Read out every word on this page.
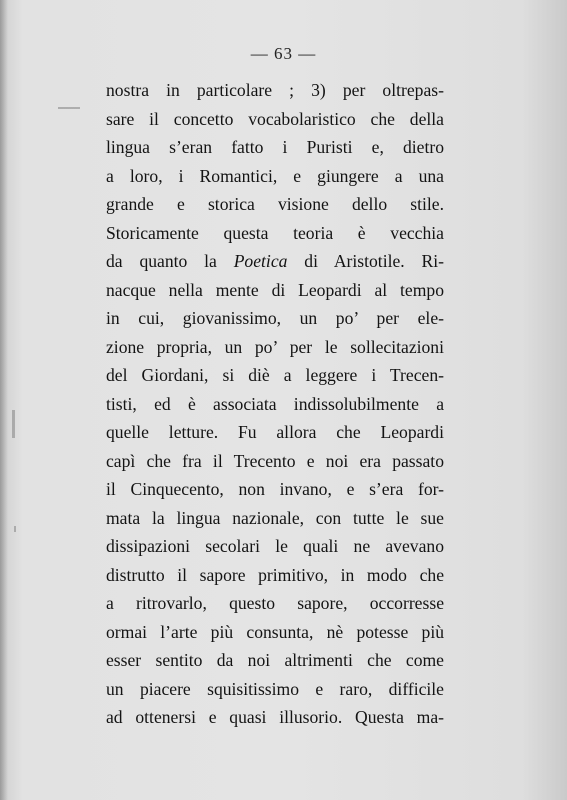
— 63 —
nostra in particolare ; 3) per oltrepas-
sare il concetto vocabolaristico che della
lingua s’eran fatto i Puristi e, dietro
a loro, i Romantici, e giungere a una
grande e storica visione dello stile.
Storicamente questa teoria è vecchia
da quanto la Poetica di Aristotile. Ri-
nacque nella mente di Leopardi al tempo
in cui, giovanissimo, un po’ per ele-
zione propria, un po’ per le sollecitazioni
del Giordani, si diè a leggere i Trecen-
tisti, ed è associata indissolubilmente a
quelle letture. Fu allora che Leopardi
capì che fra il Trecento e noi era passato
il Cinquecento, non invano, e s’era for-
mata la lingua nazionale, con tutte le sue
dissipazioni secolari le quali ne avevano
distrutto il sapore primitivo, in modo che
a ritrovarlo, questo sapore, occorresse
ormai l’arte più consunta, nè potesse più
esser sentito da noi altrimenti che come
un piacere squisitissimo e raro, difficile
ad ottenersi e quasi illusorio. Questa ma-
